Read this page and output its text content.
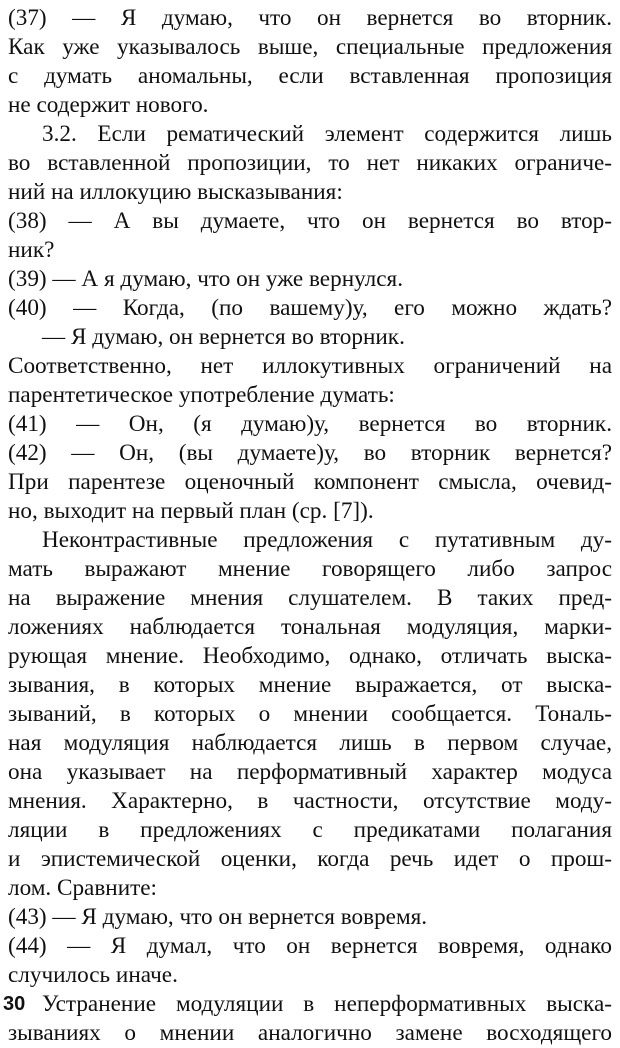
(37) — Я думаю, что он вернется во вторник.
Как уже указывалось выше, специальные предложения
с думать аномальны, если вставленная пропозиция
не содержит нового.
3.2. Если рематический элемент содержится лишь
во вставленной пропозиции, то нет никаких ограниче-
ний на иллокуцию высказывания:
(38) — А вы думаете, что он вернется во втор-
ник?
(39) — А я думаю, что он уже вернулся.
(40) — Когда, (по вашему)у, его можно ждать?
— Я думаю, он вернется во вторник.
Соответственно, нет иллокутивных ограничений на
парентетическое употребление думать:
(41) — Он, (я думаю)у, вернется во вторник.
(42) — Он, (вы думаете)у, во вторник вернется?
При парентезе оценочный компонент смысла, очевид-
но, выходит на первый план (ср. [7]).
Неконтрастивные предложения с путативным ду-
мать выражают мнение говорящего либо запрос
на выражение мнения слушателем. В таких пред-
ложениях наблюдается тональная модуляция, марки-
рующая мнение. Необходимо, однако, отличать выска-
зывания, в которых мнение выражается, от выска-
зываний, в которых о мнении сообщается. Тональ-
ная модуляция наблюдается лишь в первом случае,
она указывает на перформативный характер модуса
мнения. Характерно, в частности, отсутствие моду-
ляции в предложениях с предикатами полагания
и эпистемической оценки, когда речь идет о прош-
лом. Сравните:
(43) — Я думаю, что он вернется вовремя.
(44) — Я думал, что он вернется вовремя, однако
случилось иначе.
Устранение модуляции в неперформативных выска-
зываниях о мнении аналогично замене восходящего
30
